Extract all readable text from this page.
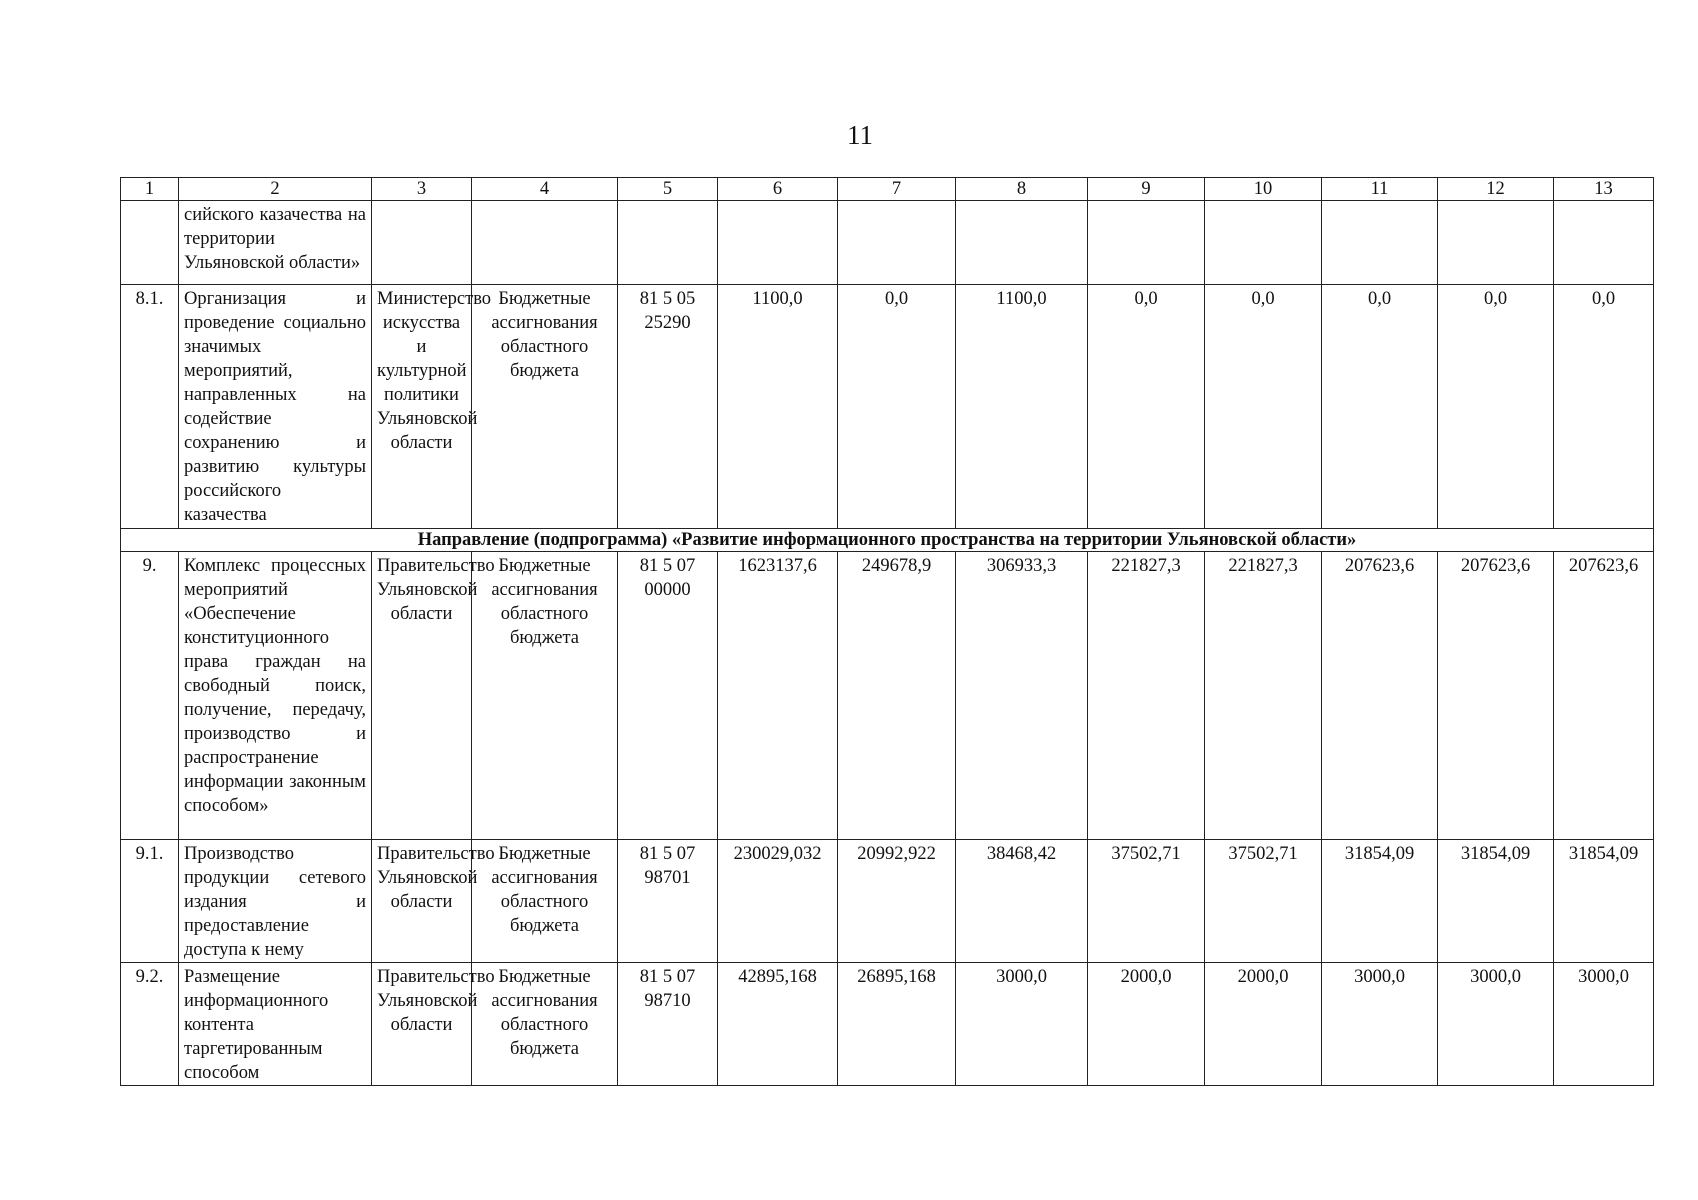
11
1	2	3	4	5	6	7	8	9	10	11	12	13
	сийского казачества на территории Ульяновской области»											
8.1.	Организация и проведение социально значимых мероприятий, направленных на содействие сохранению и развитию культуры российского казачества	Министерство искусства и культурной политики Ульяновской области	Бюджетные ассигнования областного бюджета	81 5 05 25290	1100,0	0,0	1100,0	0,0	0,0	0,0	0,0	0,0
Направление (подпрограмма) «Развитие информационного пространства на территории Ульяновской области»												
9.	Комплекс процессных мероприятий «Обеспечение конституционного права граждан на свободный поиск, получение, передачу, производство и распространение информации законным способом»	Правительство Ульяновской области	Бюджетные ассигнования областного бюджета	81 5 07 00000	1623137,6	249678,9	306933,3	221827,3	221827,3	207623,6	207623,6	207623,6
9.1.	Производство продукции сетевого издания и предоставление доступа к нему	Правительство Ульяновской области	Бюджетные ассигнования областного бюджета	81 5 07 98701	230029,032	20992,922	38468,42	37502,71	37502,71	31854,09	31854,09	31854,09
9.2.	Размещение информационного контента таргетированным способом	Правительство Ульяновской области	Бюджетные ассигнования областного бюджета	81 5 07 98710	42895,168	26895,168	3000,0	2000,0	2000,0	3000,0	3000,0	3000,0
